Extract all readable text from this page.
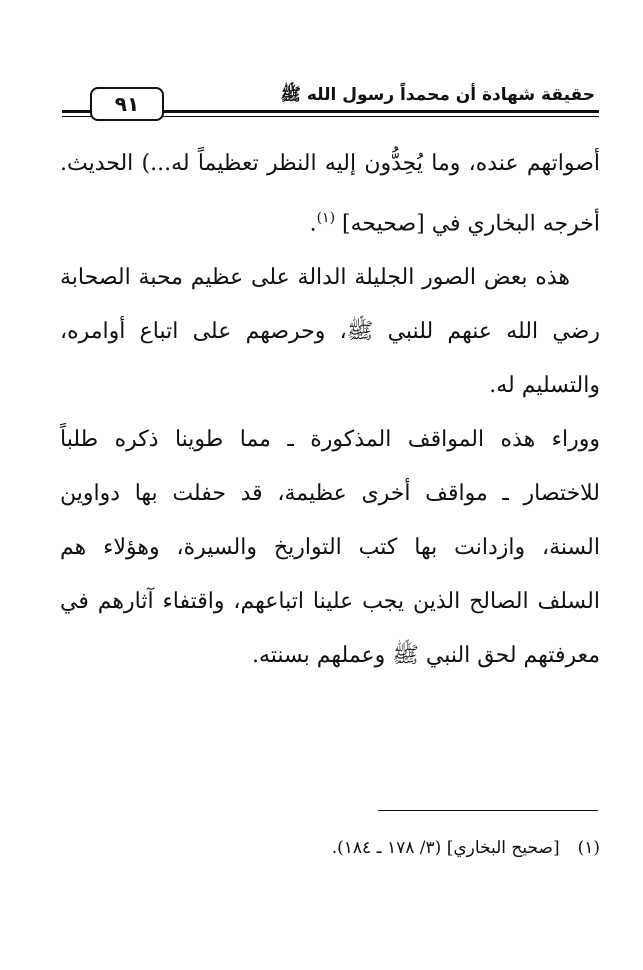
٩١	حقيقة شهادة أن محمداً رسول الله ﷺ

أصواتهم عنده، وما يُحِدُّون إليه النظر تعظيماً له...) الحديث. أخرجه البخاري في [صحيحه] $^{(١)}$.

هذه بعض الصور الجليلة الدالة على عظيم محبة الصحابة رضي الله عنهم للنبي ﷺ، وحرصهم على اتباع أوامره، والتسليم له.

ووراء هذه المواقف المذكورة ـ مما طوينا ذكره طلباً للاختصار ـ مواقف أخرى عظيمة، قد حفلت بها دواوين السنة، وازدانت بها كتب التواريخ والسيرة، وهؤلاء هم السلف الصالح الذين يجب علينا اتباعهم، واقتفاء آثارهم في معرفتهم لحق النبي ﷺ وعملهم بسنته.

(١)[صحيح البخاري] (٣/ ١٧٨ ـ ١٨٤).
